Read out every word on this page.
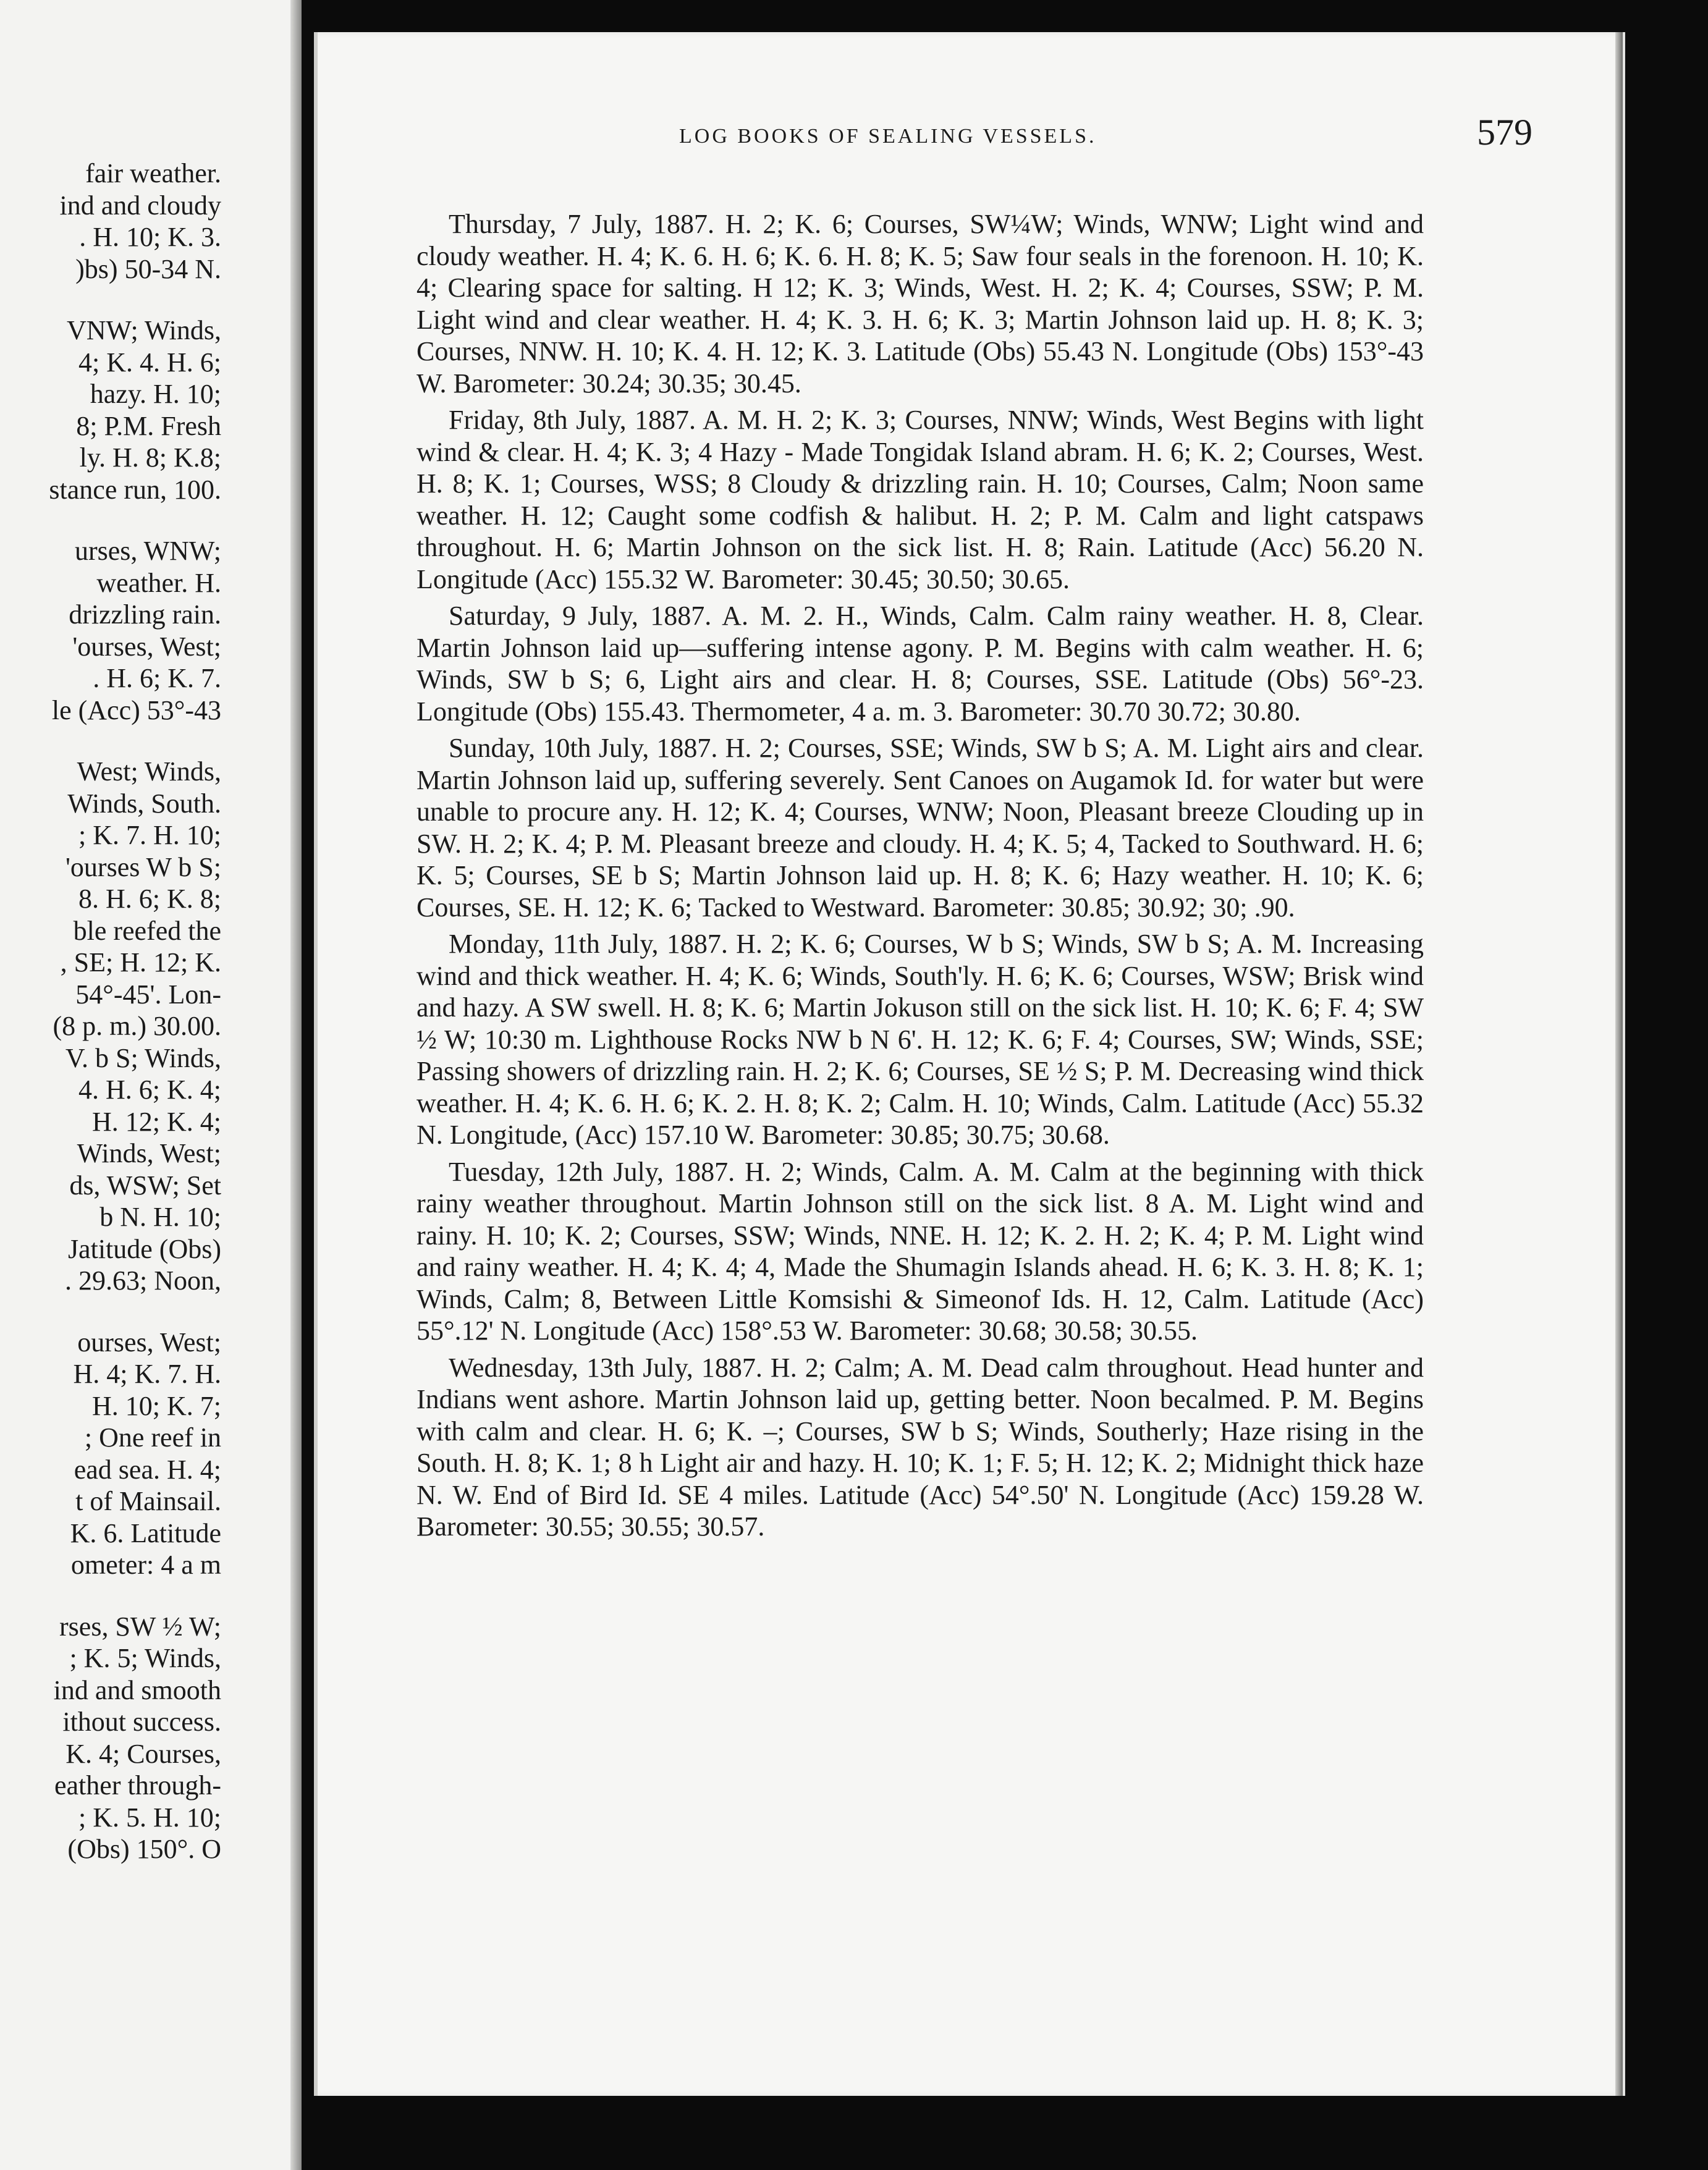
fair weather.
ind and cloudy
. H. 10; K. 3.
)bs) 50-34 N.
VNW; Winds,
4; K. 4. H. 6;
hazy. H. 10;
8; P.M. Fresh
ly. H. 8; K.8;
stance run, 100.
urses, WNW;
weather. H.
drizzling rain.
'ourses, West;
. H. 6; K. 7.
le (Acc) 53°-43
West; Winds,
Winds, South.
; K. 7. H. 10;
'ourses W b S;
8. H. 6; K. 8;
ble reefed the
, SE; H. 12; K.
54°-45'. Lon-
(8 p. m.) 30.00.
V. b S; Winds,
4. H. 6; K. 4;
H. 12; K. 4;
Winds, West;
ds, WSW; Set
b N. H. 10;
Jatitude (Obs)
. 29.63; Noon,
ourses, West;
H. 4; K. 7. H.
H. 10; K. 7;
; One reef in
ead sea. H. 4;
t of Mainsail.
K. 6. Latitude
ometer: 4 a m
rses, SW ½ W;
; K. 5; Winds,
ind and smooth
ithout success.
K. 4; Courses,
eather through-
; K. 5. H. 10;
(Obs) 150°. O
LOG BOOKS OF SEALING VESSELS.	579

Thursday, 7 July, 1887. H. 2; K. 6; Courses, SW¼W; Winds, WNW; Light wind and cloudy weather. H. 4; K. 6. H. 6; K. 6. H. 8; K. 5; Saw four seals in the forenoon. H. 10; K. 4; Clearing space for salting. H 12; K. 3; Winds, West. H. 2; K. 4; Courses, SSW; P. M. Light wind and clear weather. H. 4; K. 3. H. 6; K. 3; Martin Johnson laid up. H. 8; K. 3; Courses, NNW. H. 10; K. 4. H. 12; K. 3. Latitude (Obs) 55.43 N. Longitude (Obs) 153°-43 W. Barometer: 30.24; 30.35; 30.45.

Friday, 8th July, 1887. A. M. H. 2; K. 3; Courses, NNW; Winds, West Begins with light wind & clear. H. 4; K. 3; 4 Hazy - Made Tongidak Island abram. H. 6; K. 2; Courses, West. H. 8; K. 1; Courses, WSS; 8 Cloudy & drizzling rain. H. 10; Courses, Calm; Noon same weather. H. 12; Caught some codfish & halibut. H. 2; P. M. Calm and light catspaws throughout. H. 6; Martin Johnson on the sick list. H. 8; Rain. Latitude (Acc) 56.20 N. Longitude (Acc) 155.32 W. Barometer: 30.45; 30.50; 30.65.

Saturday, 9 July, 1887. A. M. 2. H., Winds, Calm. Calm rainy weather. H. 8, Clear. Martin Johnson laid up—suffering intense agony. P. M. Begins with calm weather. H. 6; Winds, SW b S; 6, Light airs and clear. H. 8; Courses, SSE. Latitude (Obs) 56°-23. Longitude (Obs) 155.43. Thermometer, 4 a. m. 3. Barometer: 30.70 30.72; 30.80.

Sunday, 10th July, 1887. H. 2; Courses, SSE; Winds, SW b S; A. M. Light airs and clear. Martin Johnson laid up, suffering severely. Sent Canoes on Augamok Id. for water but were unable to procure any. H. 12; K. 4; Courses, WNW; Noon, Pleasant breeze Clouding up in SW. H. 2; K. 4; P. M. Pleasant breeze and cloudy. H. 4; K. 5; 4, Tacked to Southward. H. 6; K. 5; Courses, SE b S; Martin Johnson laid up. H. 8; K. 6; Hazy weather. H. 10; K. 6; Courses, SE. H. 12; K. 6; Tacked to Westward. Barometer: 30.85; 30.92; 30; .90.

Monday, 11th July, 1887. H. 2; K. 6; Courses, W b S; Winds, SW b S; A. M. Increasing wind and thick weather. H. 4; K. 6; Winds, South'ly. H. 6; K. 6; Courses, WSW; Brisk wind and hazy. A SW swell. H. 8; K. 6; Martin Jokuson still on the sick list. H. 10; K. 6; F. 4; SW ½ W; 10:30 m. Lighthouse Rocks NW b N 6'. H. 12; K. 6; F. 4; Courses, SW; Winds, SSE; Passing showers of drizzling rain. H. 2; K. 6; Courses, SE ½ S; P. M. Decreasing wind thick weather. H. 4; K. 6. H. 6; K. 2. H. 8; K. 2; Calm. H. 10; Winds, Calm. Latitude (Acc) 55.32 N. Longitude, (Acc) 157.10 W. Barometer: 30.85; 30.75; 30.68.

Tuesday, 12th July, 1887. H. 2; Winds, Calm. A. M. Calm at the beginning with thick rainy weather throughout. Martin Johnson still on the sick list. 8 A. M. Light wind and rainy. H. 10; K. 2; Courses, SSW; Winds, NNE. H. 12; K. 2. H. 2; K. 4; P. M. Light wind and rainy weather. H. 4; K. 4; 4, Made the Shumagin Islands ahead. H. 6; K. 3. H. 8; K. 1; Winds, Calm; 8, Between Little Komsishi & Simeonof Ids. H. 12, Calm. Latitude (Acc) 55°.12' N. Longitude (Acc) 158°.53 W. Barometer: 30.68; 30.58; 30.55.

Wednesday, 13th July, 1887. H. 2; Calm; A. M. Dead calm throughout. Head hunter and Indians went ashore. Martin Johnson laid up, getting better. Noon becalmed. P. M. Begins with calm and clear. H. 6; K. –; Courses, SW b S; Winds, Southerly; Haze rising in the South. H. 8; K. 1; 8 h Light air and hazy. H. 10; K. 1; F. 5; H. 12; K. 2; Midnight thick haze N. W. End of Bird Id. SE 4 miles. Latitude (Acc) 54°.50' N. Longitude (Acc) 159.28 W. Barometer: 30.55; 30.55; 30.57.
